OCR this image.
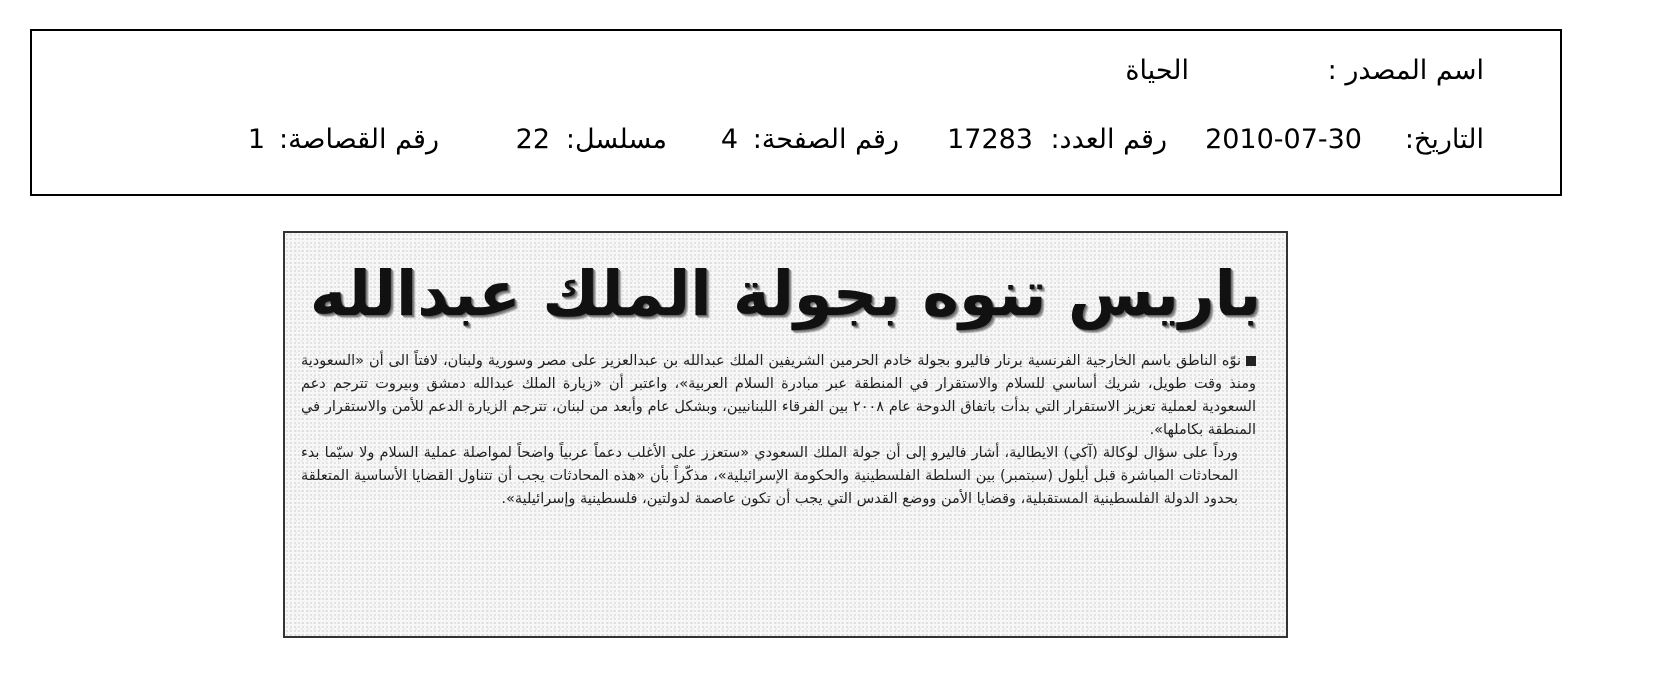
اسم المصدر :
الحياة
التاريخ:
2010-07-30
رقم العدد:
17283
رقم الصفحة:
4
مسلسل:
22
رقم القصاصة:
1
باريس تنوه بجولة الملك عبدالله

نوّه الناطق باسم الخارجية الفرنسية برنار فاليرو بجولة خادم الحرمين الشريفين الملك عبدالله بن عبدالعزيز على مصر وسورية ولبنان، لافتاً الى أن «السعودية ومنذ وقت طويل، شريك أساسي للسلام والاستقرار في المنطقة عبر مبادرة السلام العربية»، واعتبر أن «زيارة الملك عبدالله دمشق وبيروت تترجم دعم السعودية لعملية تعزيز الاستقرار التي بدأت باتفاق الدوحة عام ٢٠٠٨ بين الفرقاء اللبنانيين، وبشكل عام وأبعد من لبنان، تترجم الزيارة الدعم للأمن والاستقرار في المنطقة بكاملها».

ورداً على سؤال لوكالة (آكي) الايطالية، أشار فاليرو إلى أن جولة الملك السعودي «ستعزز على الأغلب دعماً عربياً واضحاً لمواصلة عملية السلام ولا سيّما بدء المحادثات المباشرة قبل أيلول (سبتمبر) بين السلطة الفلسطينية والحكومة الإسرائيلية»، مذكّراً بأن «هذه المحادثات يجب أن تتناول القضايا الأساسية المتعلقة بحدود الدولة الفلسطينية المستقبلية، وقضايا الأمن ووضع القدس التي يجب أن تكون عاصمة لدولتين، فلسطينية وإسرائيلية».
